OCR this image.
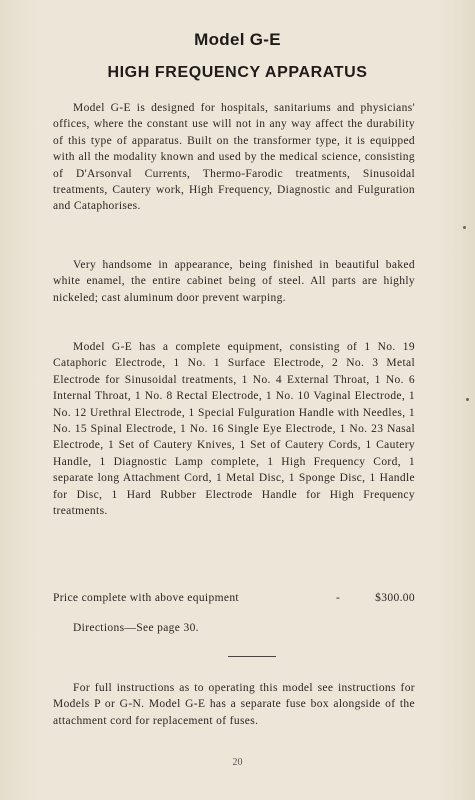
Model G-E
HIGH FREQUENCY APPARATUS

Model G-E is designed for hospitals, sanitariums and physicians' offices, where the constant use will not in any way affect the durability of this type of apparatus. Built on the transformer type, it is equipped with all the modality known and used by the medical science, consisting of D'Arsonval Currents, Thermo-Farodic treatments, Sinusoidal treatments, Cautery work, High Frequency, Diagnostic and Fulguration and Cataphorises.

Very handsome in appearance, being finished in beautiful baked white enamel, the entire cabinet being of steel. All parts are highly nickeled; cast aluminum door prevent warping.

Model G-E has a complete equipment, consisting of 1 No. 19 Cataphoric Electrode, 1 No. 1 Surface Electrode, 2 No. 3 Metal Electrode for Sinusoidal treatments, 1 No. 4 External Throat, 1 No. 6 Internal Throat, 1 No. 8 Rectal Electrode, 1 No. 10 Vaginal Electrode, 1 No. 12 Urethral Electrode, 1 Special Fulguration Handle with Needles, 1 No. 15 Spinal Electrode, 1 No. 16 Single Eye Electrode, 1 No. 23 Nasal Electrode, 1 Set of Cautery Knives, 1 Set of Cautery Cords, 1 Cautery Handle, 1 Diagnostic Lamp complete, 1 High Frequency Cord, 1 separate long Attachment Cord, 1 Metal Disc, 1 Sponge Disc, 1 Handle for Disc, 1 Hard Rubber Electrode Handle for High Frequency treatments.

Price complete with above equipment	-	$300.00
Directions—See page 30.

For full instructions as to operating this model see instructions for Models P or G-N. Model G-E has a separate fuse box alongside of the attachment cord for replacement of fuses.

20
